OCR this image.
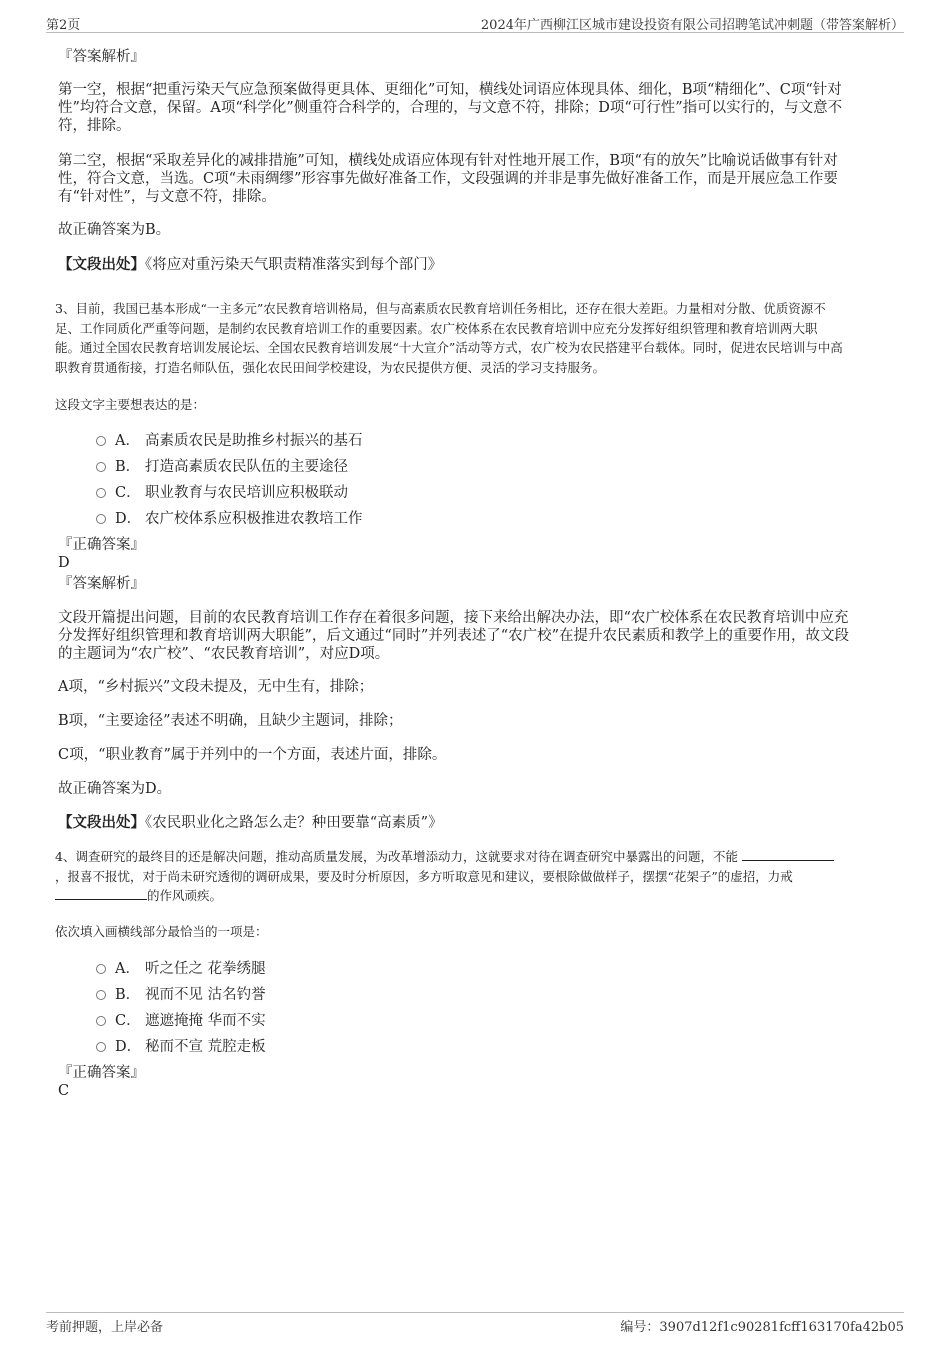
第2页	2024年广西柳江区城市建设投资有限公司招聘笔试冲刺题（带答案解析）
『答案解析』
第一空，根据“把重污染天气应急预案做得更具体、更细化”可知，横线处词语应体现具体、细化，B项“精细化”、C项“针对
性”均符合文意，保留。A项“科学化”侧重符合科学的，合理的，与文意不符，排除；D项“可行性”指可以实行的，与文意不
符，排除。
第二空，根据“采取差异化的减排措施”可知，横线处成语应体现有针对性地开展工作，B项“有的放矢”比喻说话做事有针对
性，符合文意，当选。C项“未雨绸缪”形容事先做好准备工作，文段强调的并非是事先做好准备工作，而是开展应急工作要
有“针对性”，与文意不符，排除。
故正确答案为B。
【文段出处】《将应对重污染天气职责精准落实到每个部门》
3、目前，我国已基本形成“一主多元”农民教育培训格局，但与高素质农民教育培训任务相比，还存在很大差距。力量相对分散、优质资源不
足、工作同质化严重等问题，是制约农民教育培训工作的重要因素。农广校体系在农民教育培训中应充分发挥好组织管理和教育培训两大职
能。通过全国农民教育培训发展论坛、全国农民教育培训发展“十大宣介”活动等方式，农广校为农民搭建平台载体。同时，促进农民培训与中高
职教育贯通衔接，打造名师队伍，强化农民田间学校建设，为农民提供方便、灵活的学习支持服务。
这段文字主要想表达的是：
A． 高素质农民是助推乡村振兴的基石
B． 打造高素质农民队伍的主要途径
C． 职业教育与农民培训应积极联动
D． 农广校体系应积极推进农教培工作
『正确答案』
D
『答案解析』
文段开篇提出问题，目前的农民教育培训工作存在着很多问题，接下来给出解决办法，即“农广校体系在农民教育培训中应充
分发挥好组织管理和教育培训两大职能”，后文通过“同时”并列表述了“农广校”在提升农民素质和教学上的重要作用，故文段
的主题词为“农广校”、“农民教育培训”，对应D项。
A项，“乡村振兴”文段未提及，无中生有，排除；
B项，“主要途径”表述不明确，且缺少主题词，排除；
C项，“职业教育”属于并列中的一个方面，表述片面，排除。
故正确答案为D。
【文段出处】《农民职业化之路怎么走？种田要靠“高素质”》
4、调查研究的最终目的还是解决问题，推动高质量发展，为改革增添动力，这就要求对待在调查研究中暴露出的问题，不能
，报喜不报忧，对于尚未研究透彻的调研成果，要及时分析原因，多方听取意见和建议，要根除做做样子，摆摆“花架子”的虚招，力戒
的作风顽疾。
依次填入画横线部分最恰当的一项是：
A． 听之任之 花拳绣腿
B． 视而不见 沽名钓誉
C． 遮遮掩掩 华而不实
D． 秘而不宣 荒腔走板
『正确答案』
C
考前押题，上岸必备	编号：3907d12f1c90281fcff163170fa42b05
